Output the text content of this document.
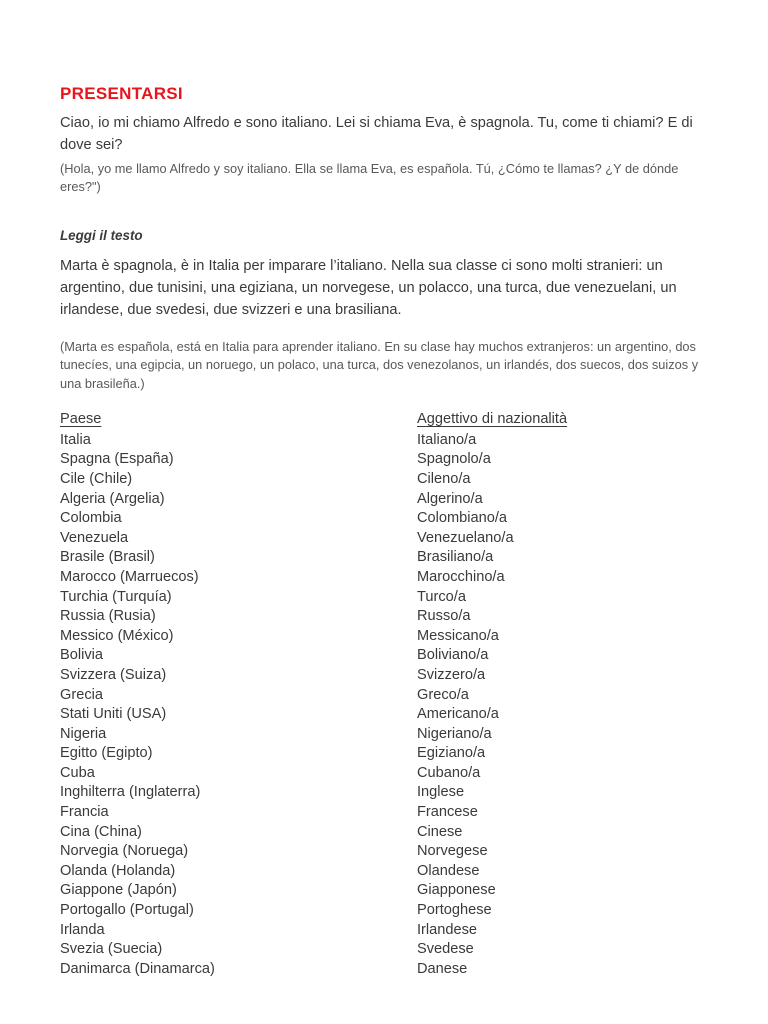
PRESENTARSI

Ciao, io mi chiamo Alfredo e sono italiano. Lei si chiama Eva, è spagnola. Tu, come ti chiami? E di dove sei?

(Hola, yo me llamo Alfredo y soy italiano. Ella se llama Eva, es española. Tú, ¿Cómo te llamas? ¿Y de dónde eres?")

Leggi il testo

Marta è spagnola, è in Italia per imparare l’italiano. Nella sua classe ci sono molti stranieri: un argentino, due tunisini, una egiziana, un norvegese, un polacco, una turca, due venezuelani, un irlandese, due svedesi, due svizzeri e una brasiliana.

(Marta es española, está en Italia para aprender italiano. En su clase hay muchos extranjeros: un argentino, dos tunecíes, una egipcia, un noruego, un polaco, una turca, dos venezolanos, un irlandés, dos suecos, dos suizos y una brasileña.)

Paese	Aggettivo di nazionalità
Italia	Italiano/a
Spagna (España)	Spagnolo/a
Cile (Chile)	Cileno/a
Algeria (Argelia)	Algerino/a
Colombia	Colombiano/a
Venezuela	Venezuelano/a
Brasile (Brasil)	Brasiliano/a
Marocco (Marruecos)	Marocchino/a
Turchia (Turquía)	Turco/a
Russia (Rusia)	Russo/a
Messico (México)	Messicano/a
Bolivia	Boliviano/a
Svizzera (Suiza)	Svizzero/a
Grecia	Greco/a
Stati Uniti (USA)	Americano/a
Nigeria	Nigeriano/a
Egitto (Egipto)	Egiziano/a
Cuba	Cubano/a
Inghilterra (Inglaterra)	Inglese
Francia	Francese
Cina (China)	Cinese
Norvegia (Noruega)	Norvegese
Olanda (Holanda)	Olandese
Giappone (Japón)	Giapponese
Portogallo (Portugal)	Portoghese
Irlanda	Irlandese
Svezia (Suecia)	Svedese
Danimarca (Dinamarca)	Danese
